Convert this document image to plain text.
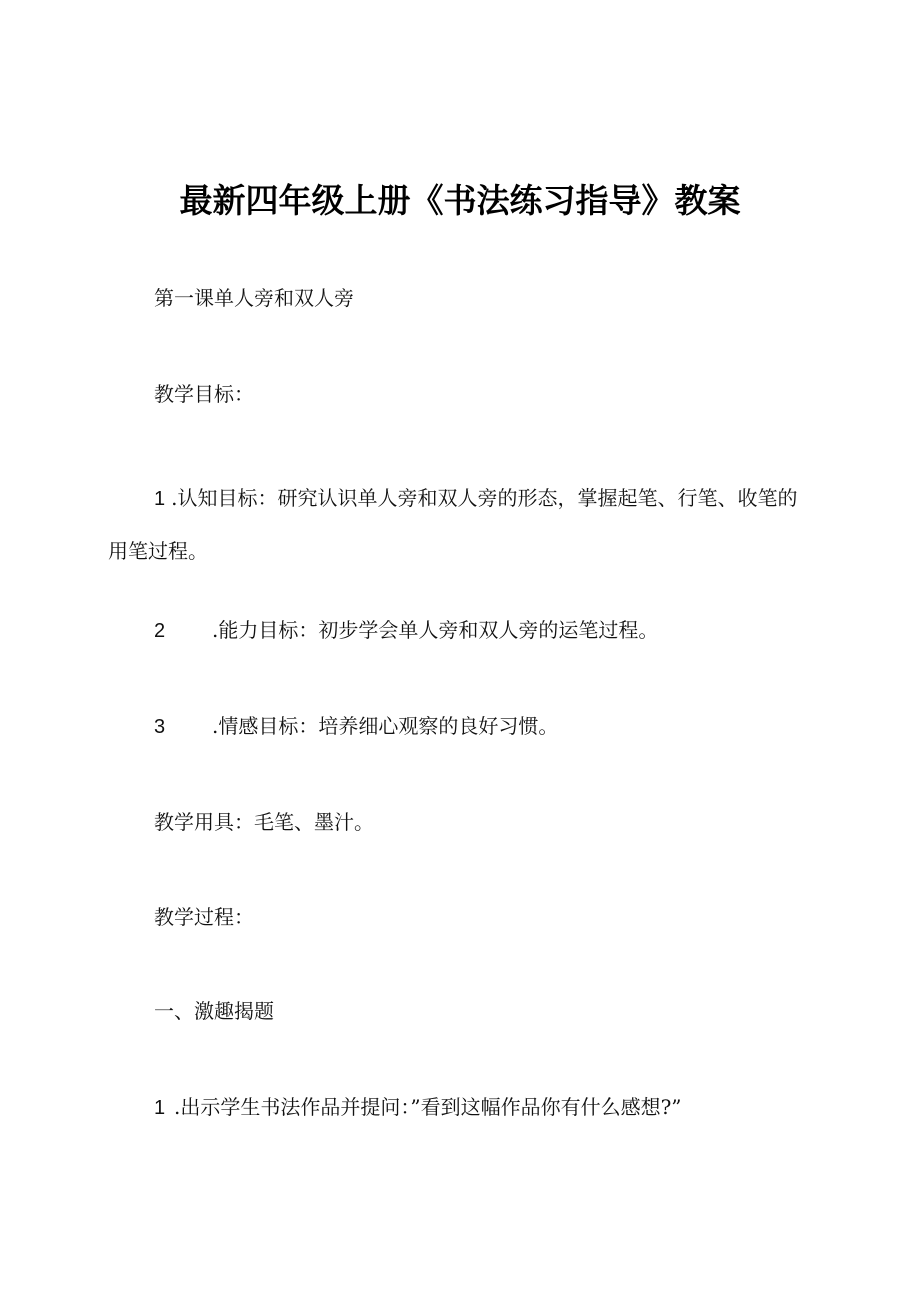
最新四年级上册《书法练习指导》教案
第一课单人旁和双人旁
教学目标：
1 .认知目标：研究认识单人旁和双人旁的形态，掌握起笔、行笔、收笔的
用笔过程。
2 .能力目标：初步学会单人旁和双人旁的运笔过程。
3 .情感目标：培养细心观察的良好习惯。
教学用具：毛笔、墨汁。
教学过程：
一、激趣揭题
1 .出示学生书法作品并提问：”看到这幅作品你有什么感想?”
